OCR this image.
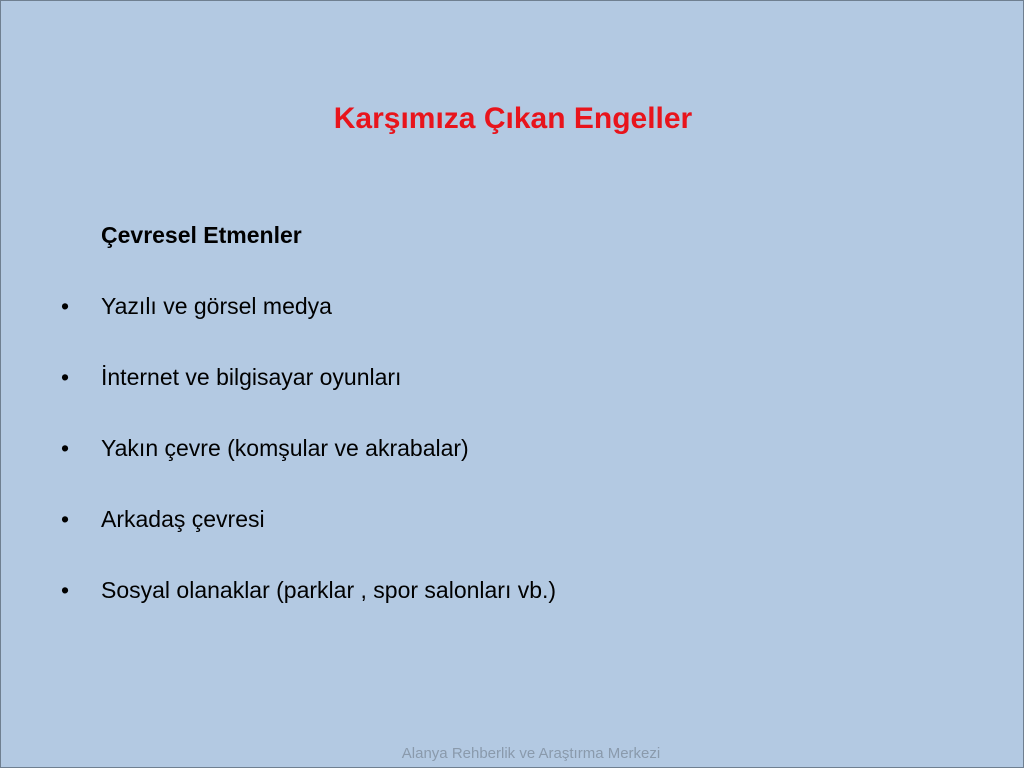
Karşımıza Çıkan Engeller
Çevresel Etmenler
• Yazılı ve görsel medya
• İnternet ve bilgisayar oyunları
• Yakın çevre (komşular ve akrabalar)
• Arkadaş çevresi
• Sosyal olanaklar (parklar , spor salonları vb.)
Alanya Rehberlik ve Araştırma Merkezi
